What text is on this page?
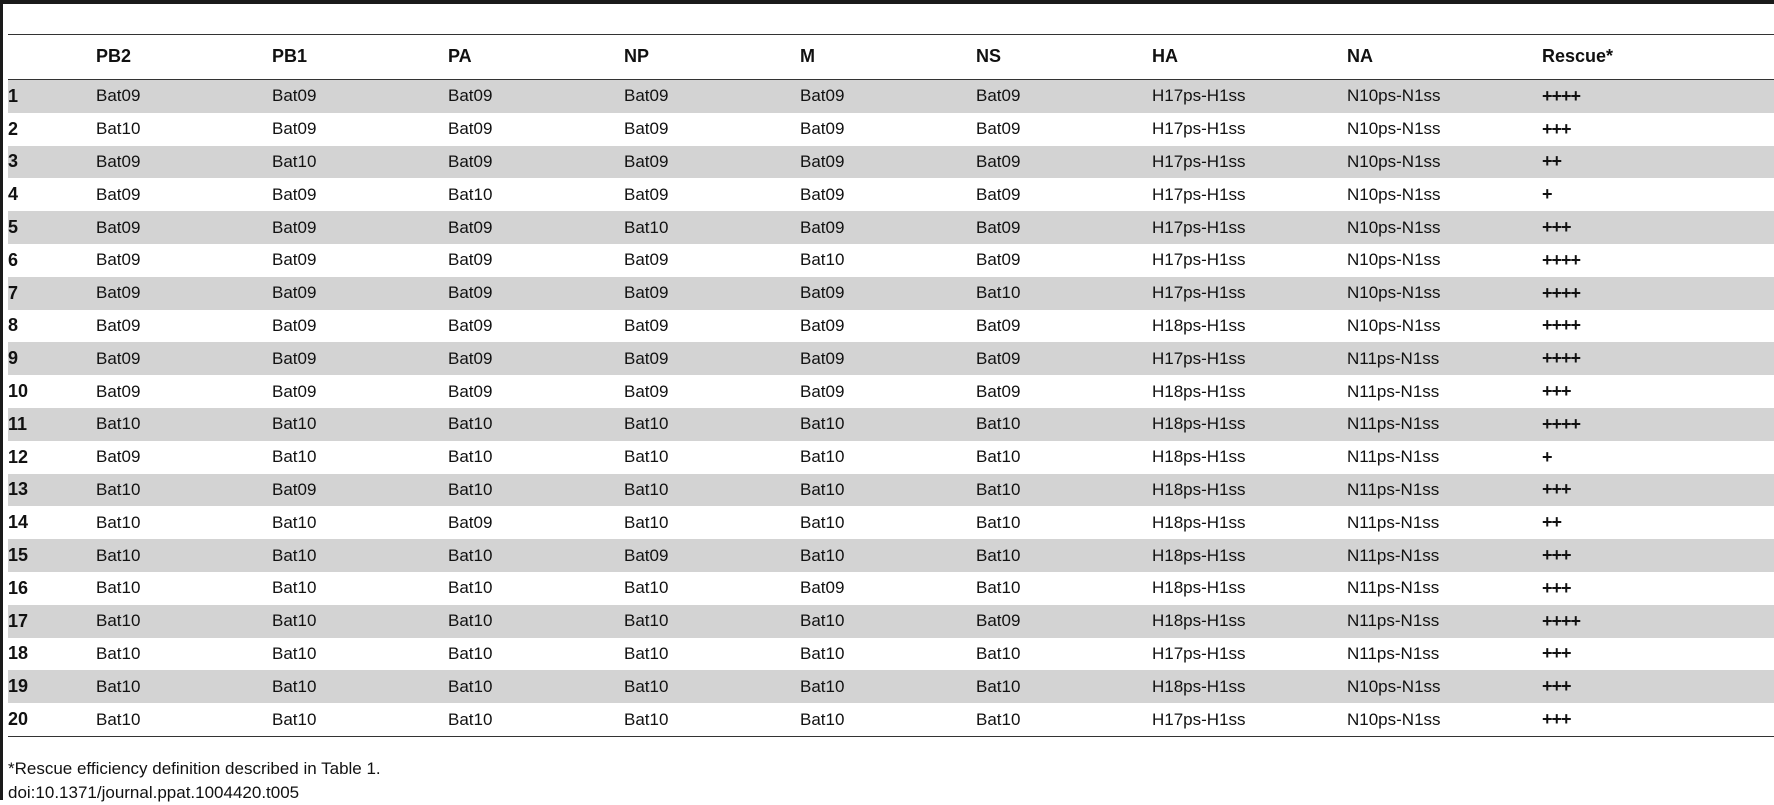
	PB2	PB1	PA	NP	M	NS	HA	NA	Rescue*
1	Bat09	Bat09	Bat09	Bat09	Bat09	Bat09	H17ps-H1ss	N10ps-N1ss	++++
2	Bat10	Bat09	Bat09	Bat09	Bat09	Bat09	H17ps-H1ss	N10ps-N1ss	+++
3	Bat09	Bat10	Bat09	Bat09	Bat09	Bat09	H17ps-H1ss	N10ps-N1ss	++
4	Bat09	Bat09	Bat10	Bat09	Bat09	Bat09	H17ps-H1ss	N10ps-N1ss	+
5	Bat09	Bat09	Bat09	Bat10	Bat09	Bat09	H17ps-H1ss	N10ps-N1ss	+++
6	Bat09	Bat09	Bat09	Bat09	Bat10	Bat09	H17ps-H1ss	N10ps-N1ss	++++
7	Bat09	Bat09	Bat09	Bat09	Bat09	Bat10	H17ps-H1ss	N10ps-N1ss	++++
8	Bat09	Bat09	Bat09	Bat09	Bat09	Bat09	H18ps-H1ss	N10ps-N1ss	++++
9	Bat09	Bat09	Bat09	Bat09	Bat09	Bat09	H17ps-H1ss	N11ps-N1ss	++++
10	Bat09	Bat09	Bat09	Bat09	Bat09	Bat09	H18ps-H1ss	N11ps-N1ss	+++
11	Bat10	Bat10	Bat10	Bat10	Bat10	Bat10	H18ps-H1ss	N11ps-N1ss	++++
12	Bat09	Bat10	Bat10	Bat10	Bat10	Bat10	H18ps-H1ss	N11ps-N1ss	+
13	Bat10	Bat09	Bat10	Bat10	Bat10	Bat10	H18ps-H1ss	N11ps-N1ss	+++
14	Bat10	Bat10	Bat09	Bat10	Bat10	Bat10	H18ps-H1ss	N11ps-N1ss	++
15	Bat10	Bat10	Bat10	Bat09	Bat10	Bat10	H18ps-H1ss	N11ps-N1ss	+++
16	Bat10	Bat10	Bat10	Bat10	Bat09	Bat10	H18ps-H1ss	N11ps-N1ss	+++
17	Bat10	Bat10	Bat10	Bat10	Bat10	Bat09	H18ps-H1ss	N11ps-N1ss	++++
18	Bat10	Bat10	Bat10	Bat10	Bat10	Bat10	H17ps-H1ss	N11ps-N1ss	+++
19	Bat10	Bat10	Bat10	Bat10	Bat10	Bat10	H18ps-H1ss	N10ps-N1ss	+++
20	Bat10	Bat10	Bat10	Bat10	Bat10	Bat10	H17ps-H1ss	N10ps-N1ss	+++
*Rescue efficiency definition described in Table 1.
doi:10.1371/journal.ppat.1004420.t005
